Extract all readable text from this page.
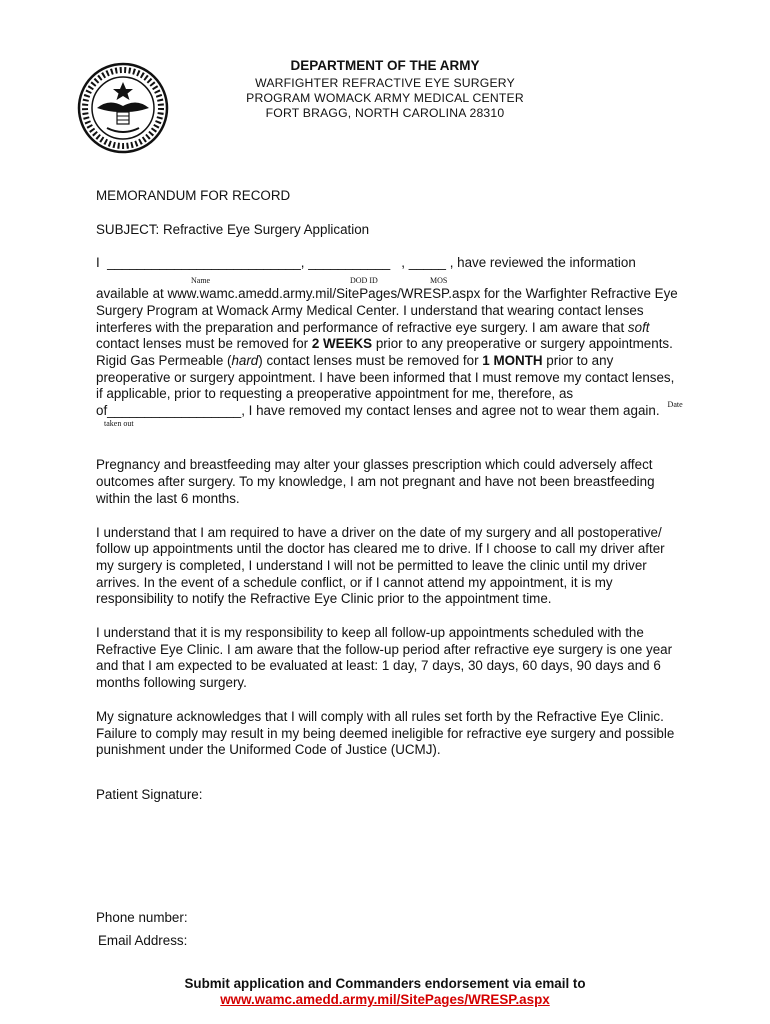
DEPARTMENT OF THE ARMY
WARFIGHTER REFRACTIVE EYE SURGERY
PROGRAM WOMACK ARMY MEDICAL CENTER
FORT BRAGG, NORTH CAROLINA 28310

MEMORANDUM FOR RECORD

SUBJECT: Refractive Eye Surgery Application

I  __________________________, ___________   , _____ , have reviewed the information

Name	DOD ID	MOS

available at www.wamc.amedd.army.mil/SitePages/WRESP.aspx for the Warfighter Refractive Eye Surgery Program at Womack Army Medical Center. I understand that wearing contact lenses interferes with the preparation and performance of refractive eye surgery. I am aware that soft contact lenses must be removed for 2 WEEKS prior to any preoperative or surgery appointments. Rigid Gas Permeable (hard) contact lenses must be removed for 1 MONTH prior to any preoperative or surgery appointment. I have been informed that I must remove my contact lenses, if applicable, prior to requesting a preoperative appointment for me, therefore, as of__________________, I have removed my contact lenses and agree not to wear them again. $^{Date taken out}$

Pregnancy and breastfeeding may alter your glasses prescription which could adversely affect outcomes after surgery. To my knowledge, I am not pregnant and have not been breastfeeding within the last 6 months.

I understand that I am required to have a driver on the date of my surgery and all postoperative/ follow up appointments until the doctor has cleared me to drive. If I choose to call my driver after my surgery is completed, I understand I will not be permitted to leave the clinic until my driver arrives. In the event of a schedule conflict, or if I cannot attend my appointment, it is my responsibility to notify the Refractive Eye Clinic prior to the appointment time.

I understand that it is my responsibility to keep all follow-up appointments scheduled with the Refractive Eye Clinic. I am aware that the follow-up period after refractive eye surgery is one year and that I am expected to be evaluated at least: 1 day, 7 days, 30 days, 60 days, 90 days and 6 months following surgery.

My signature acknowledges that I will comply with all rules set forth by the Refractive Eye Clinic. Failure to comply may result in my being deemed ineligible for refractive eye surgery and possible punishment under the Uniformed Code of Justice (UCMJ).

Patient Signature:

Phone number:
Email Address:
Submit application and Commanders endorsement via email to
www.wamc.amedd.army.mil/SitePages/WRESP.aspx
